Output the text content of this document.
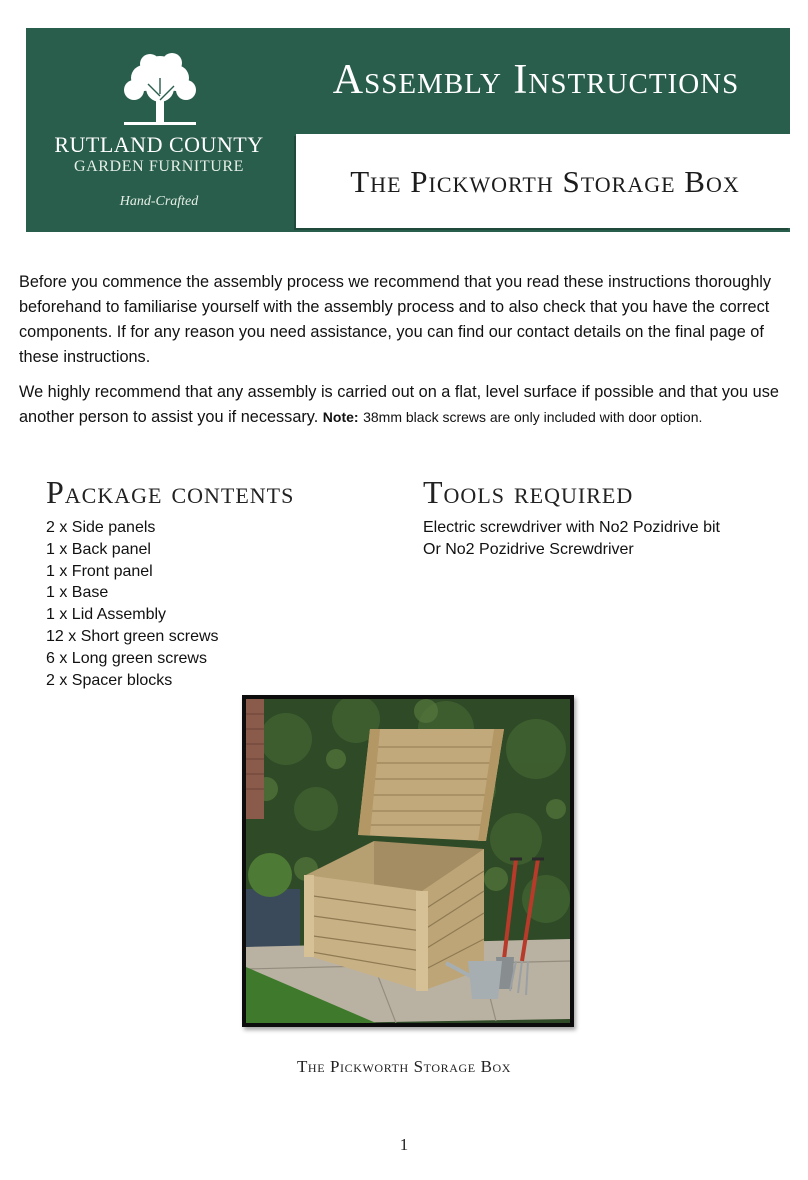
RUTLAND COUNTY
GARDEN FURNITURE
Hand-Crafted
Assembly Instructions
The Pickworth Storage Box

Before you commence the assembly process we recommend that you read these instructions thoroughly beforehand to familiarise yourself with the assembly process and to also check that you have the correct components. If for any reason you need assistance, you can find our contact details on the final page of these instructions.

We highly recommend that any assembly is carried out on a flat, level surface if possible and that you use another person to assist you if necessary. Note: 38mm black screws are only included with door option.

Package contents
2 x Side panels
1 x Back panel
1 x Front panel
1 x Base
1 x Lid Assembly
12 x Short green screws
6 x Long green screws
2 x Spacer blocks
Tools required
Electric screwdriver with No2 Pozidrive bit
Or No2 Pozidrive Screwdriver
The Pickworth Storage Box
1
